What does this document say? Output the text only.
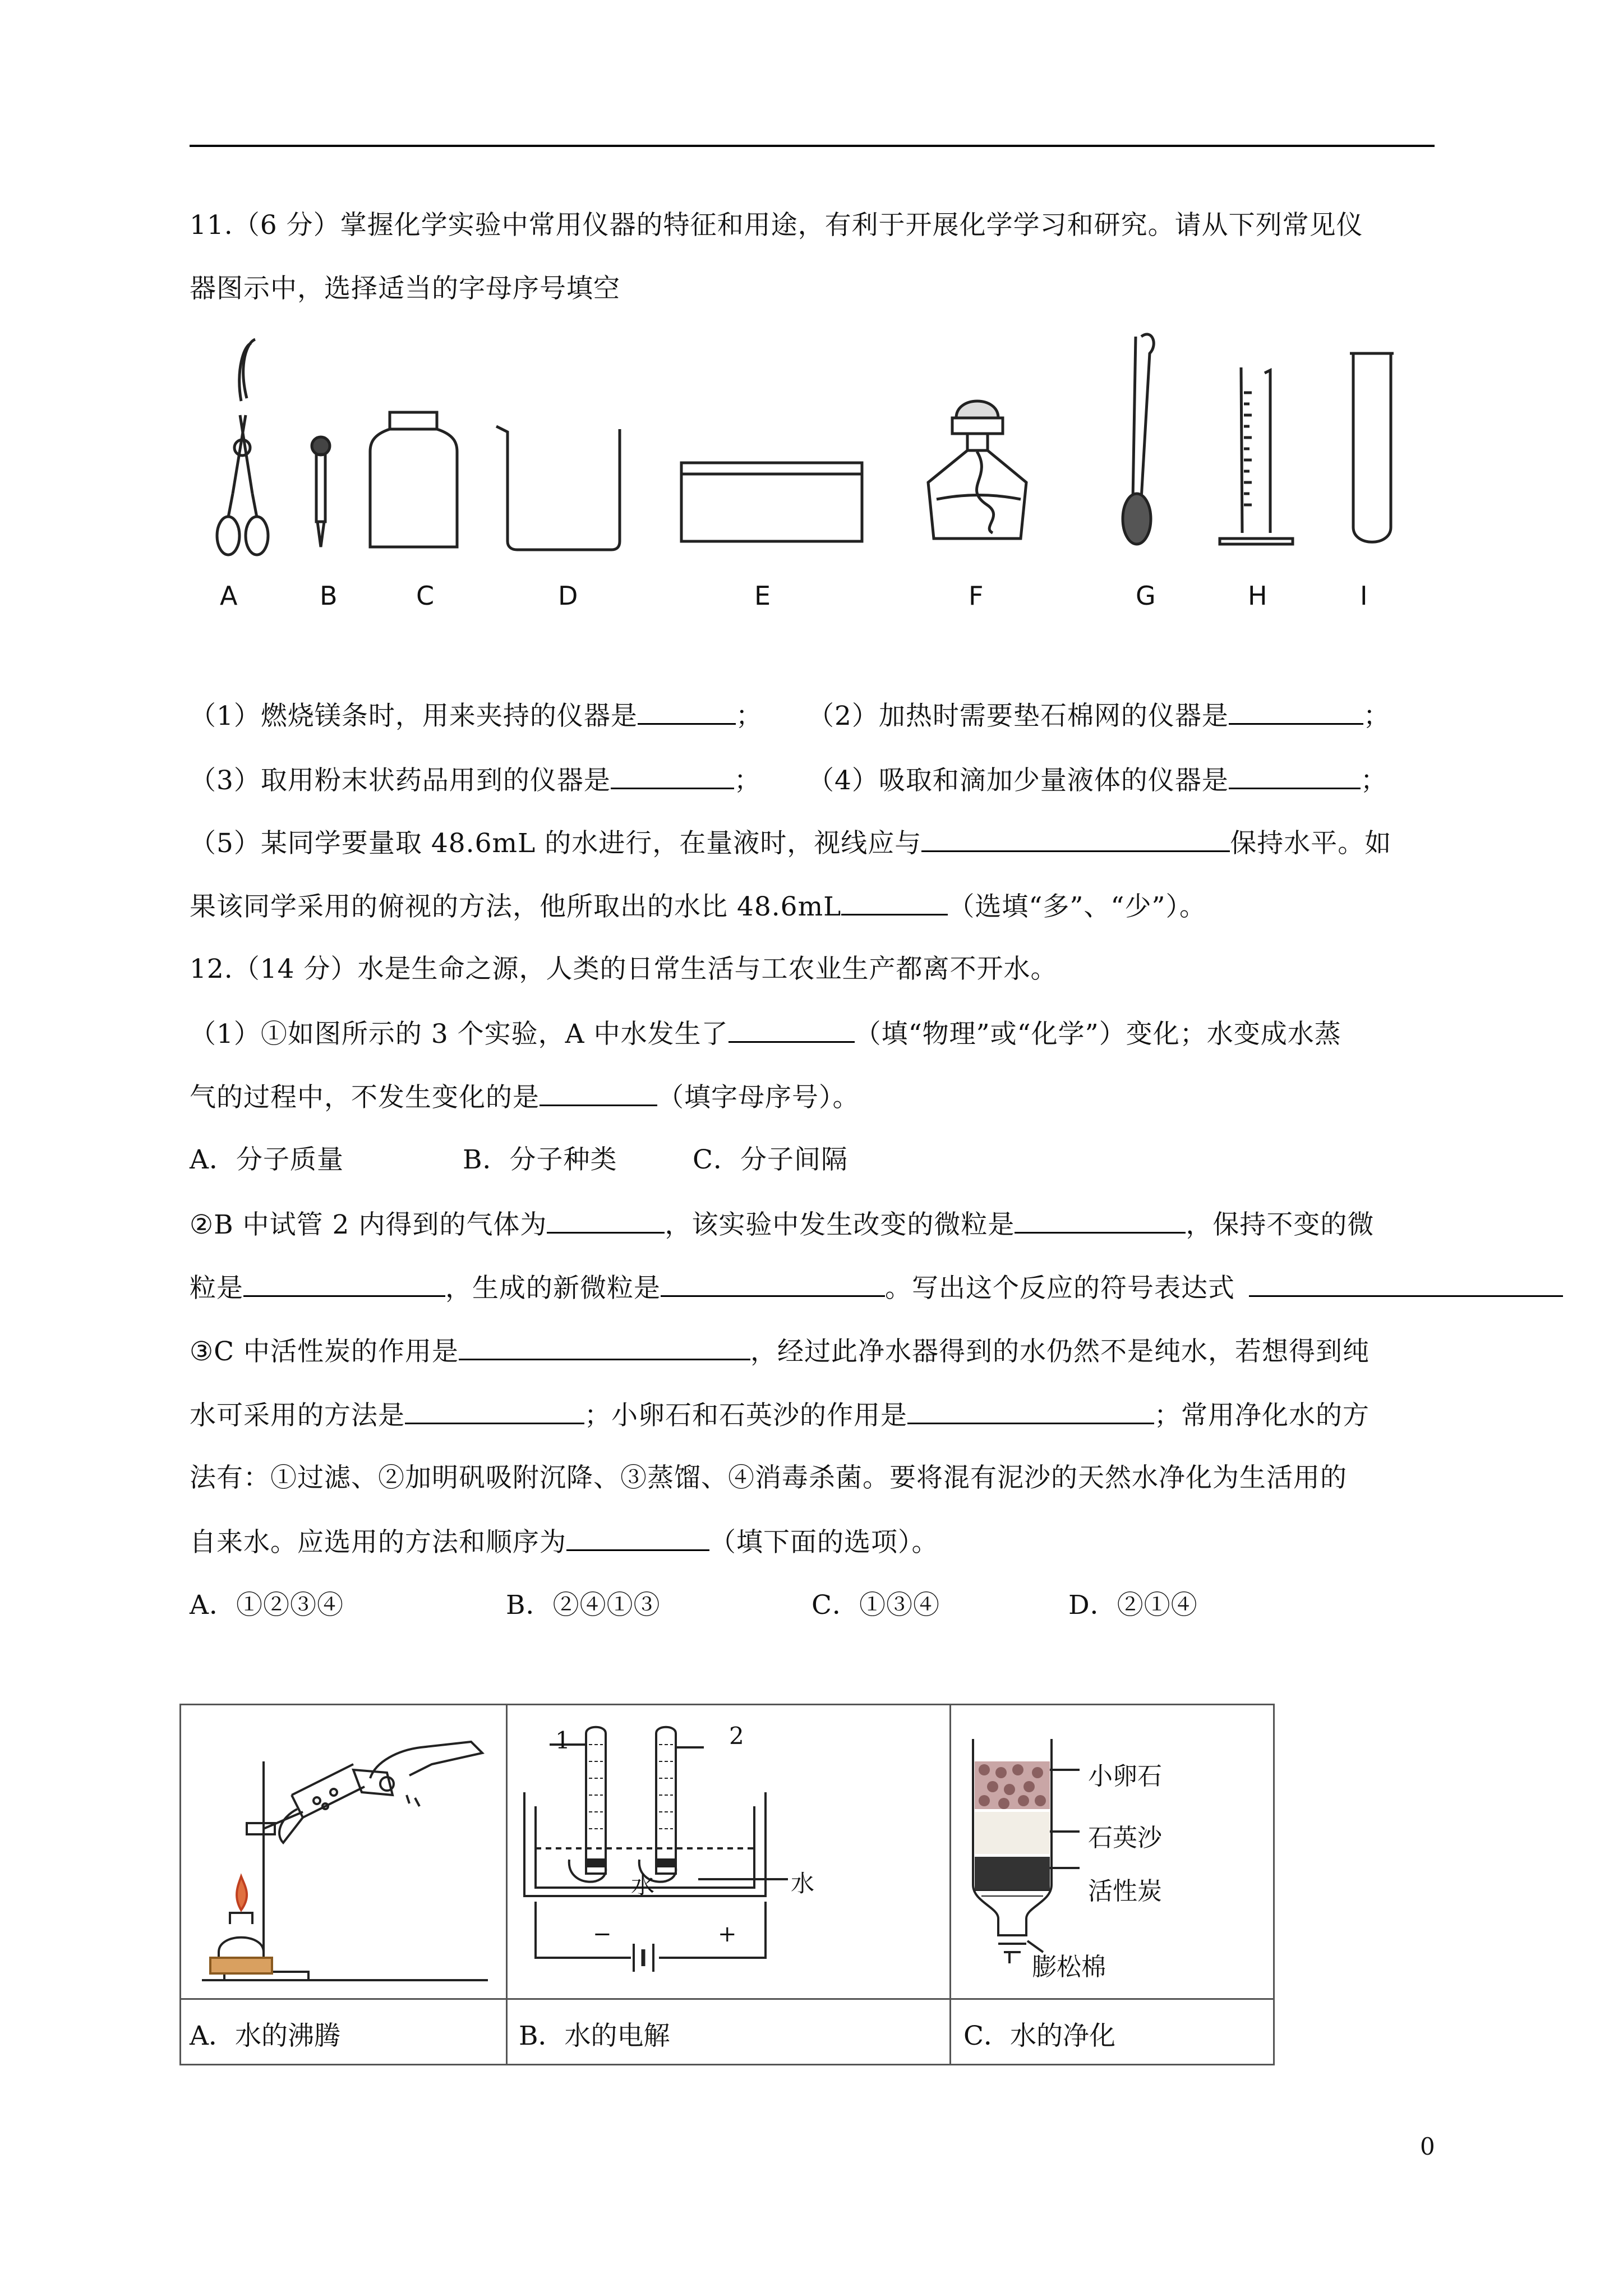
11.（6 分）掌握化学实验中常用仪器的特征和用途，有利于开展化学学习和研究。请从下列常见仪
器图示中，选择适当的字母序号填空
A	B	C	D	E	F	G	H	I
（1）燃烧镁条时，用来夹持的仪器是	； （2）加热时需要垫石棉网的仪器是	；
（3）取用粉末状药品用到的仪器是	； （4）吸取和滴加少量液体的仪器是	；
（5）某同学要量取 48.6mL 的水进行，在量液时，视线应与	保持水平。如
果该同学采用的俯视的方法，他所取出的水比 48.6mL	（选填“多”、“少”）。
12.（14 分）水是生命之源，人类的日常生活与工农业生产都离不开水。
（1）①如图所示的 3 个实验，A 中水发生了	（填“物理”或“化学”）变化；水变成水蒸
气的过程中，不发生变化的是	（填字母序号）。
A．分子质量	B．分子种类	C．分子间隔
②B 中试管 2 内得到的气体为	，该实验中发生改变的微粒是	，保持不变的微
粒是	，生成的新微粒是	。写出这个反应的符号表达式
③C 中活性炭的作用是	，经过此净水器得到的水仍然不是纯水，若想得到纯
水可采用的方法是	；小卵石和石英沙的作用是	；常用净化水的方
法有：①过滤、②加明矾吸附沉降、③蒸馏、④消毒杀菌。要将混有泥沙的天然水净化为生活用的
自来水。应选用的方法和顺序为	（填下面的选项）。
A．①②③④	B．②④①③	C．①③④	D．②①④
1	2
水	水
−	+
小卵石
石英沙
活性炭
膨松棉
A．水的沸腾	B．水的电解	C．水的净化
0
